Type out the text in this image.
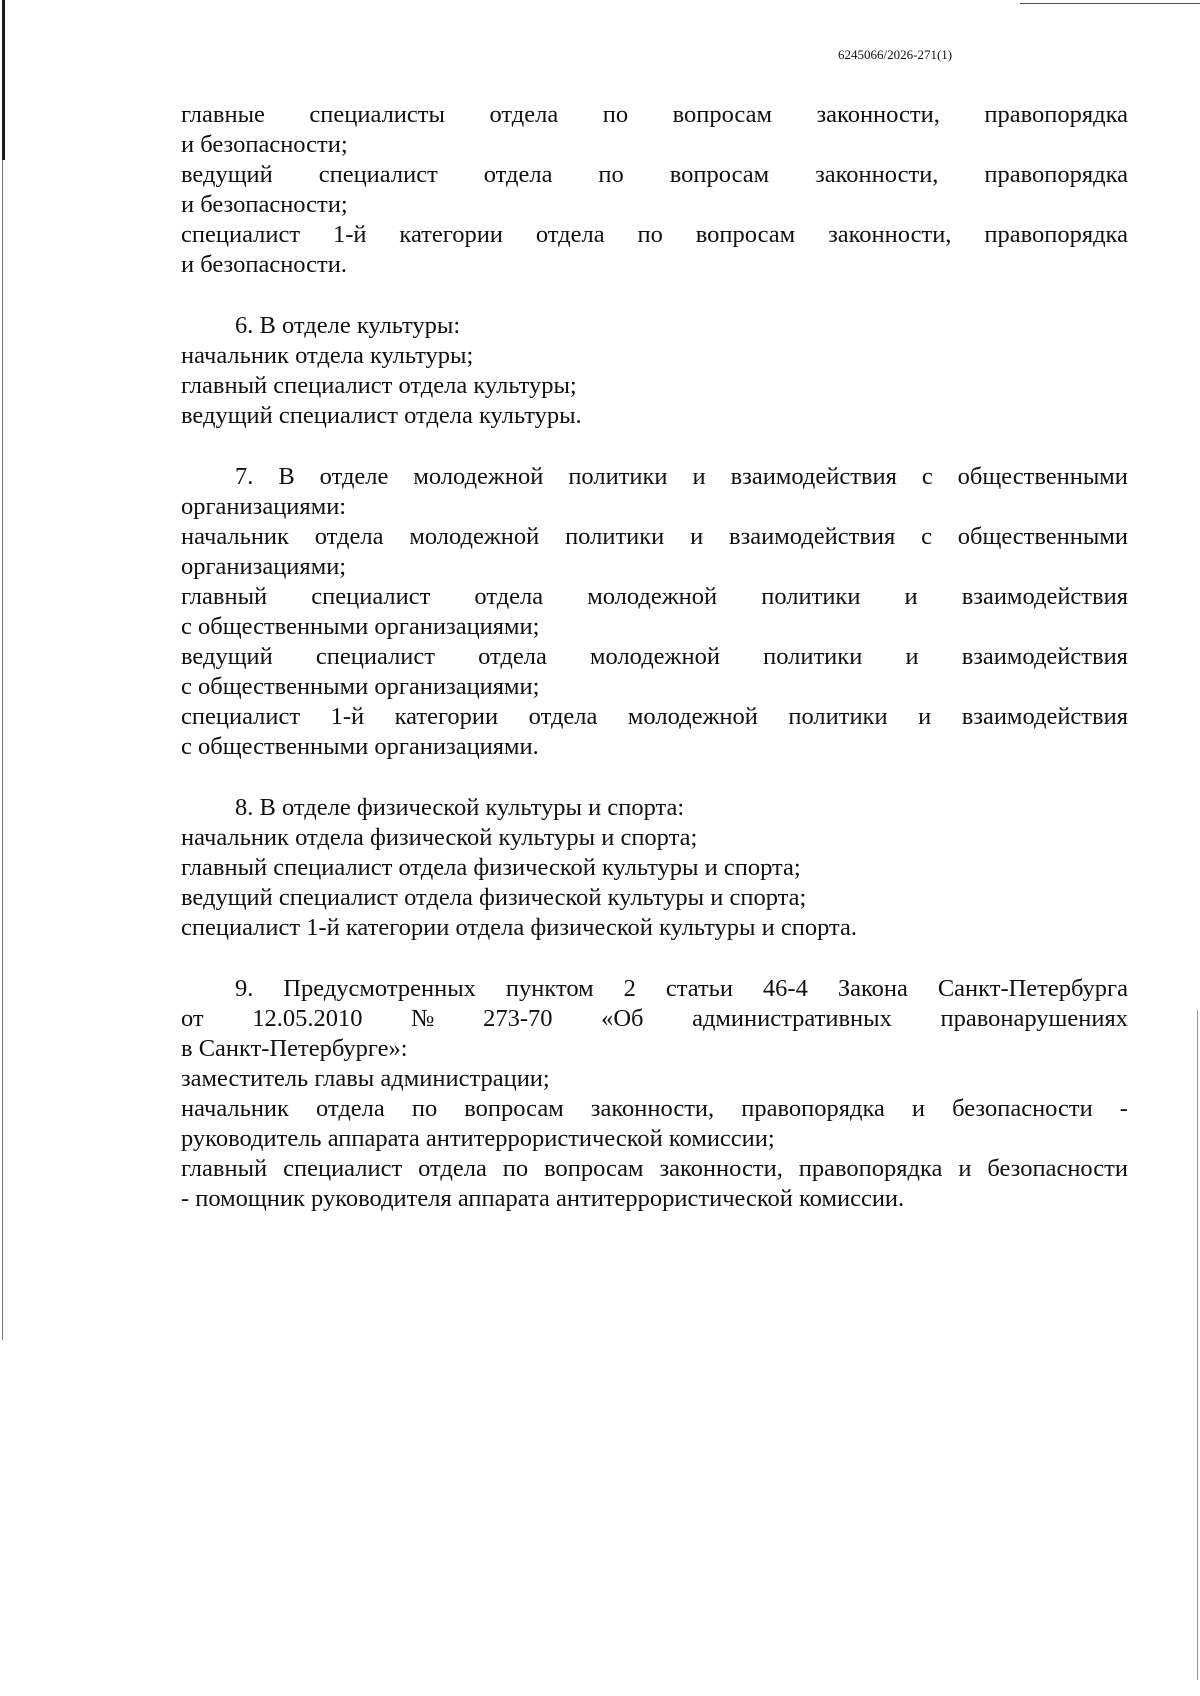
6245066/2026-271(1)
главные специалисты отдела по вопросам законности, правопорядка
и безопасности;
ведущий специалист отдела по вопросам законности, правопорядка
и безопасности;
специалист 1-й категории отдела по вопросам законности, правопорядка
и безопасности.
6. В отделе культуры:
начальник отдела культуры;
главный специалист отдела культуры;
ведущий специалист отдела культуры.
7. В отделе молодежной политики и взаимодействия с общественными
организациями:
начальник отдела молодежной политики и взаимодействия с общественными
организациями;
главный специалист отдела молодежной политики и взаимодействия
с общественными организациями;
ведущий специалист отдела молодежной политики и взаимодействия
с общественными организациями;
специалист 1-й категории отдела молодежной политики и взаимодействия
с общественными организациями.
8. В отделе физической культуры и спорта:
начальник отдела физической культуры и спорта;
главный специалист отдела физической культуры и спорта;
ведущий специалист отдела физической культуры и спорта;
специалист 1-й категории отдела физической культуры и спорта.
9. Предусмотренных пунктом 2 статьи 46-4 Закона Санкт-Петербурга
от 12.05.2010 № 273-70 «Об административных правонарушениях
в Санкт-Петербурге»:
заместитель главы администрации;
начальник отдела по вопросам законности, правопорядка и безопасности -
руководитель аппарата антитеррористической комиссии;
главный специалист отдела по вопросам законности, правопорядка и безопасности
- помощник руководителя аппарата антитеррористической комиссии.
